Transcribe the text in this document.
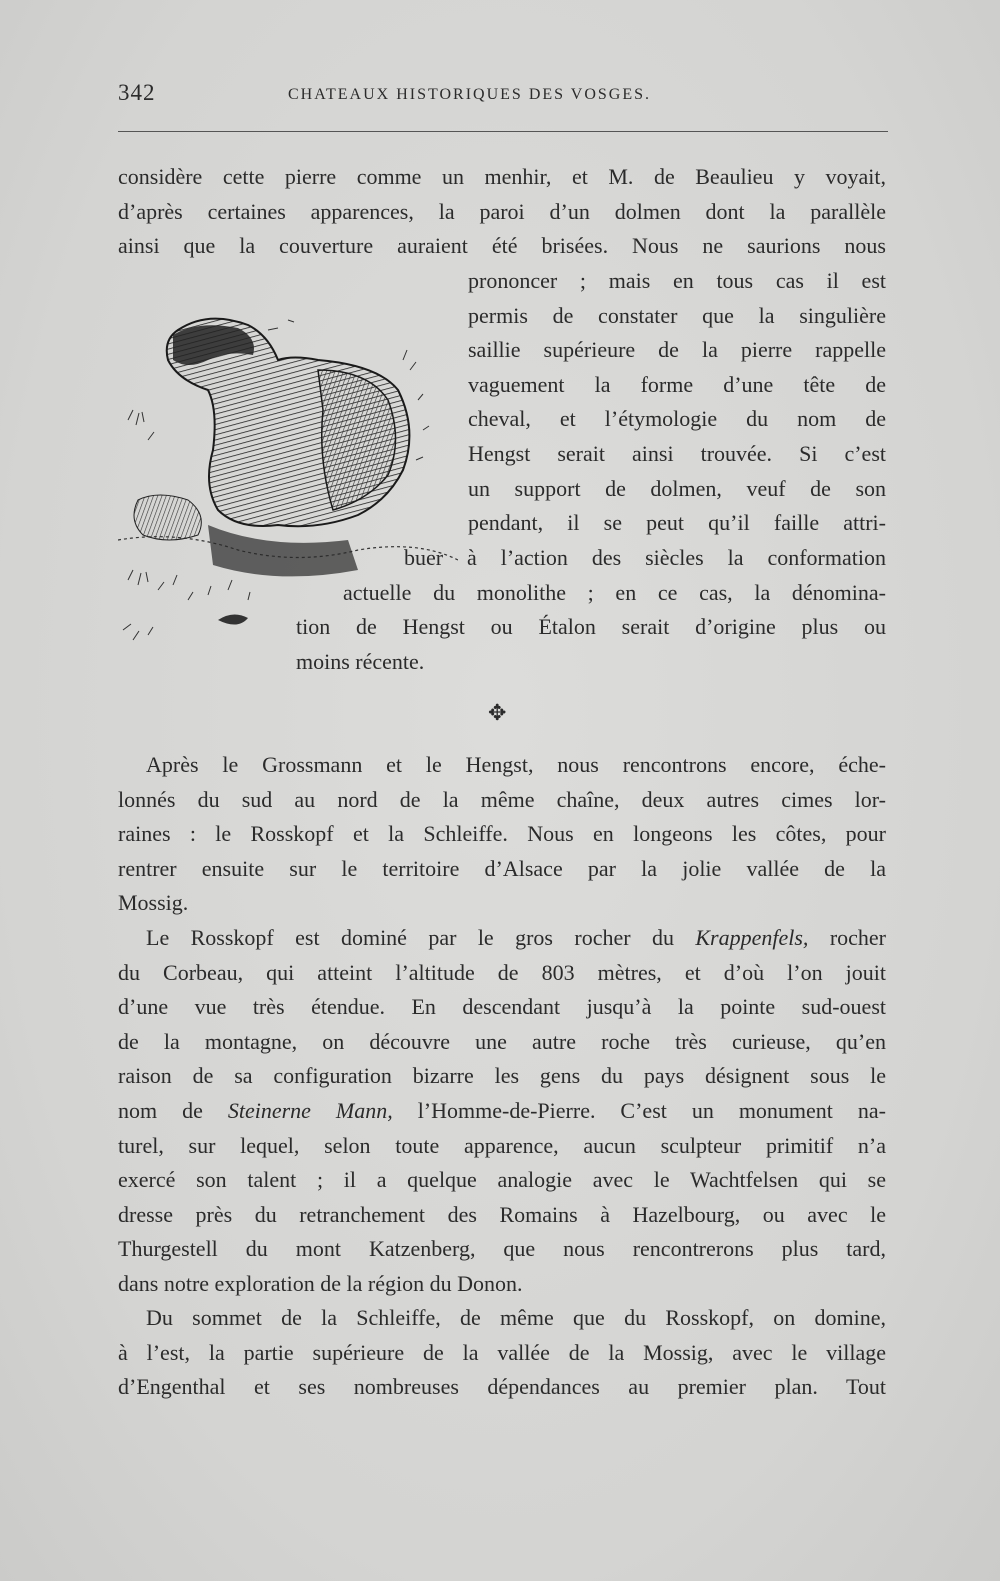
342	CHATEAUX HISTORIQUES DES VOSGES.
considère cette pierre comme un menhir, et M. de Beaulieu y voyait,
d’après certaines apparences, la paroi d’un dolmen dont la parallèle
ainsi que la couverture auraient été brisées. Nous ne saurions nous
prononcer ; mais en tous cas il est
permis de constater que la singulière
saillie supérieure de la pierre rappelle
vaguement la forme d’une tête de
cheval, et l’étymologie du nom de
Hengst serait ainsi trouvée. Si c’est
un support de dolmen, veuf de son
pendant, il se peut qu’il faille attri-
buer à l’action des siècles la conformation
actuelle du monolithe ; en ce cas, la dénomina-
tion de Hengst ou Étalon serait d’origine plus ou
moins récente.
✥
Après le Grossmann et le Hengst, nous rencontrons encore, éche-
lonnés du sud au nord de la même chaîne, deux autres cimes lor-
raines : le Rosskopf et la Schleiffe. Nous en longeons les côtes, pour
rentrer ensuite sur le territoire d’Alsace par la jolie vallée de la
Mossig.
Le Rosskopf est dominé par le gros rocher du Krappenfels, rocher
du Corbeau, qui atteint l’altitude de 803 mètres, et d’où l’on jouit
d’une vue très étendue. En descendant jusqu’à la pointe sud-ouest
de la montagne, on découvre une autre roche très curieuse, qu’en
raison de sa configuration bizarre les gens du pays désignent sous le
nom de Steinerne Mann, l’Homme-de-Pierre. C’est un monument na-
turel, sur lequel, selon toute apparence, aucun sculpteur primitif n’a
exercé son talent ; il a quelque analogie avec le Wachtfelsen qui se
dresse près du retranchement des Romains à Hazelbourg, ou avec le
Thurgestell du mont Katzenberg, que nous rencontrerons plus tard,
dans notre exploration de la région du Donon.
Du sommet de la Schleiffe, de même que du Rosskopf, on domine,
à l’est, la partie supérieure de la vallée de la Mossig, avec le village
d’Engenthal et ses nombreuses dépendances au premier plan. Tout
